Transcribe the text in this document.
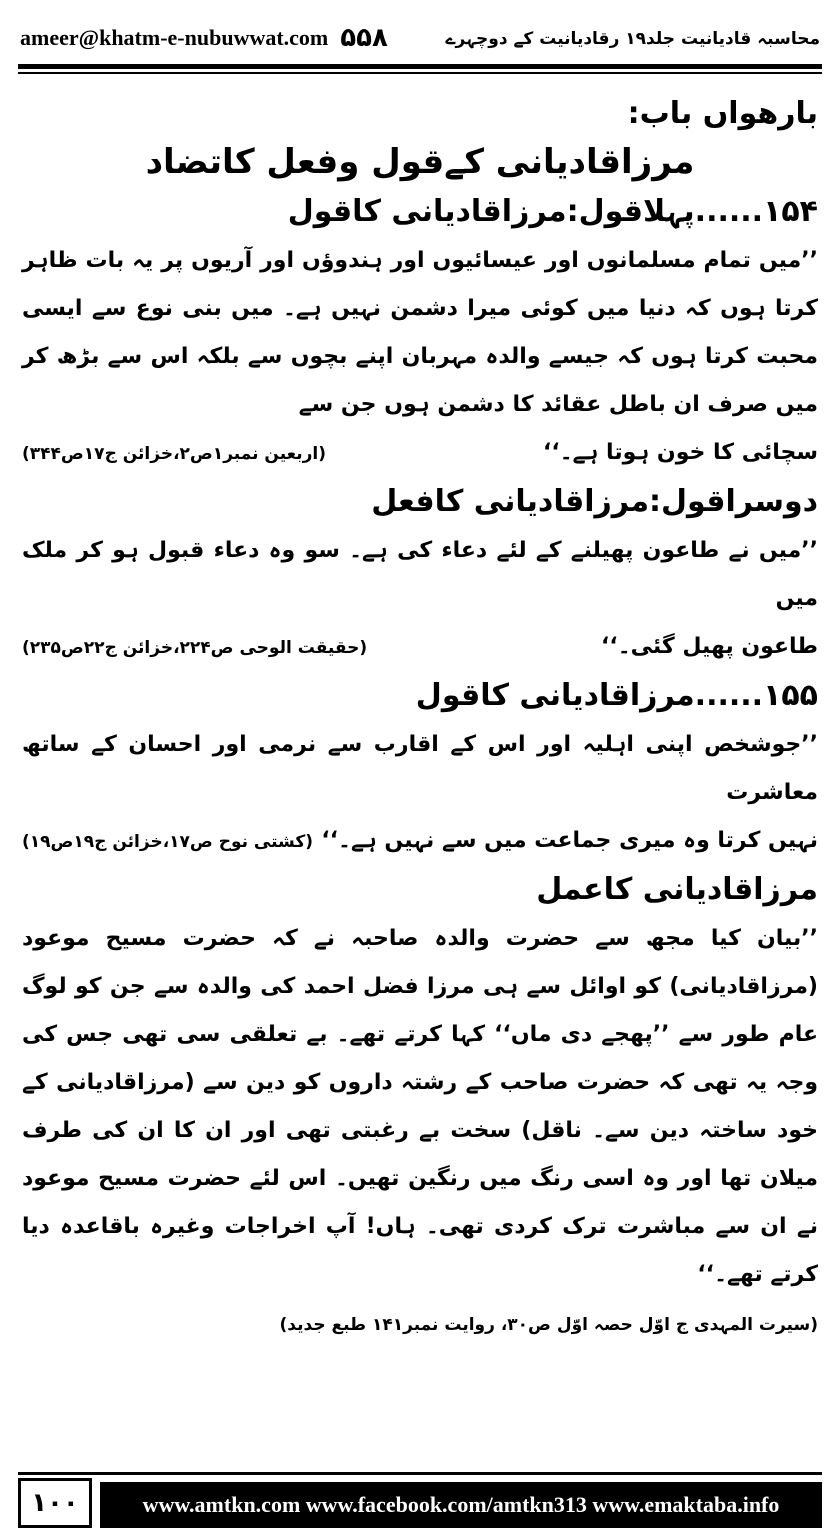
ameer@khatm-e-nubuwwat.com ۵۵۸	محاسبہ قادیانیت جلد۱۹ رقادیانیت کے دوچہرے
بارھواں باب:
مرزاقادیانی کےقول وفعل کاتضاد
۱۵۴......پہلاقول:مرزاقادیانی کاقول

’’میں تمام مسلمانوں اور عیسائیوں اور ہندوؤں اور آریوں پر یہ بات ظاہر کرتا ہوں کہ دنیا میں کوئی میرا دشمن نہیں ہے۔ میں بنی نوع سے ایسی محبت کرتا ہوں کہ جیسے والدہ مہربان اپنے بچوں سے بلکہ اس سے بڑھ کر میں صرف ان باطل عقائد کا دشمن ہوں جن سے

سچائی کا خون ہوتا ہے۔‘‘
(اربعین نمبر۱ص۲،خزائن ج۱۷ص۳۴۴)
دوسراقول:مرزاقادیانی کافعل

’’میں نے طاعون پھیلنے کے لئے دعاء کی ہے۔ سو وہ دعاء قبول ہو کر ملک میں

طاعون پھیل گئی۔‘‘
(حقیقت الوحی ص۲۲۴،خزائن ج۲۲ص۲۳۵)
۱۵۵......مرزاقادیانی کاقول

’’جوشخص اپنی اہلیہ اور اس کے اقارب سے نرمی اور احسان کے ساتھ معاشرت

نہیں کرتا وہ میری جماعت میں سے نہیں ہے۔‘‘
(کشتی نوح ص۱۷،خزائن ج۱۹ص۱۹)
مرزاقادیانی کاعمل

’’بیان کیا مجھ سے حضرت والدہ صاحبہ نے کہ حضرت مسیح موعود (مرزاقادیانی) کو اوائل سے ہی مرزا فضل احمد کی والدہ سے جن کو لوگ عام طور سے ’’پھجے دی ماں‘‘ کہا کرتے تھے۔ بے تعلقی سی تھی جس کی وجہ یہ تھی کہ حضرت صاحب کے رشتہ داروں کو دین سے (مرزاقادیانی کے خود ساختہ دین سے۔ ناقل) سخت بے رغبتی تھی اور ان کا ان کی طرف میلان تھا اور وہ اسی رنگ میں رنگین تھیں۔ اس لئے حضرت مسیح موعود نے ان سے مباشرت ترک کردی تھی۔ ہاں! آپ اخراجات وغیرہ باقاعدہ دیا کرتے تھے۔‘‘

(سیرت المہدی ج اوّل حصہ اوّل ص۳۰، روایت نمبر۱۴۱ طبع جدید)
۱۰۰	www.amtkn.com www.facebook.com/amtkn313 www.emaktaba.info
